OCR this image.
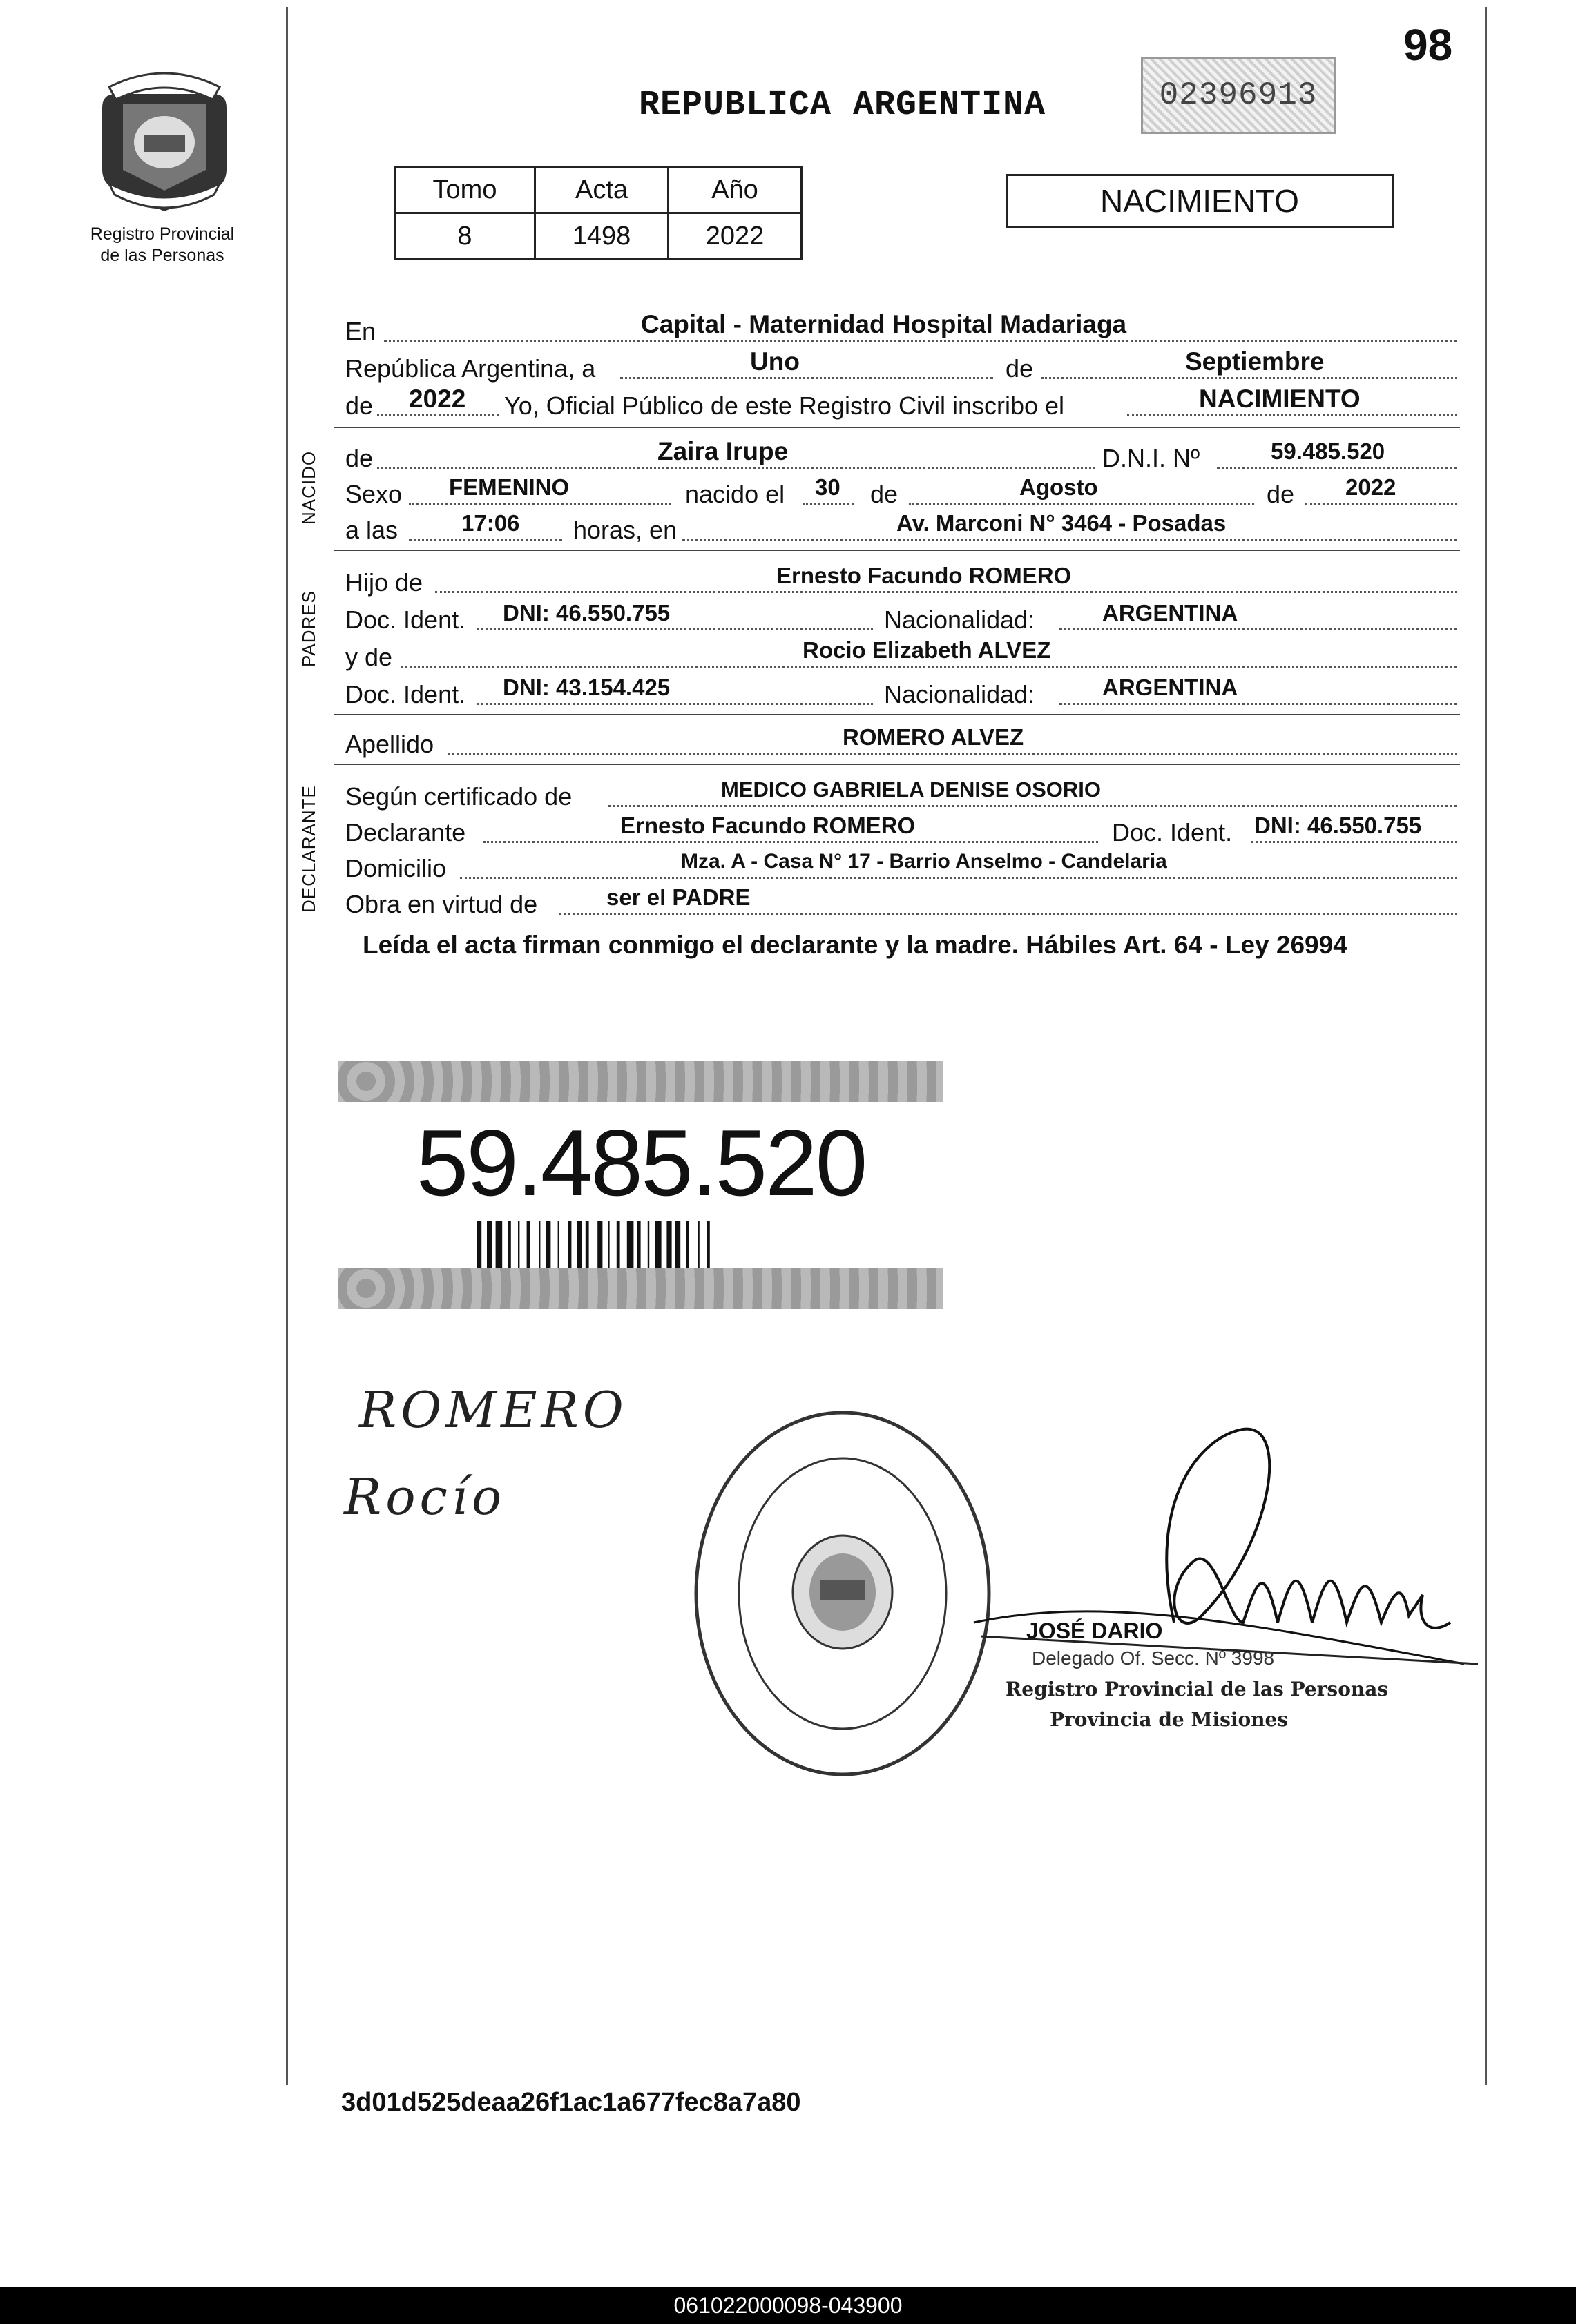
98
Registro Provincial
de las Personas
REPUBLICA ARGENTINA	02396913
Tomo	Acta	Año
8	1498	2022
NACIMIENTO
En	Capital - Maternidad Hospital Madariaga
República Argentina, a	Uno	de	Septiembre
de 2022 Yo, Oficial Público de este Registro Civil inscribo el	NACIMIENTO
NACIDO de	Zaira Irupe	D.N.I. Nº	59.485.520
Sexo FEMENINO	nacido el 30 de	Agosto	de 2022
a las	17:06 horas, en	Av. Marconi N° 3464 - Posadas
PADRES
Hijo de	Ernesto Facundo ROMERO
Doc. Ident. DNI: 46.550.755	Nacionalidad:	ARGENTINA
y de	Rocio Elizabeth ALVEZ
Doc. Ident. DNI: 43.154.425	Nacionalidad:	ARGENTINA
Apellido	ROMERO ALVEZ
DECLARANTE Según certificado de	MEDICO GABRIELA DENISE OSORIO
Declarante	Ernesto Facundo ROMERO	Doc. Ident. DNI: 46.550.755
Domicilio	Mza. A - Casa N° 17 - Barrio Anselmo - Candelaria
Obra en virtud de	ser el PADRE
Leída el acta firman conmigo el declarante y la madre. Hábiles Art. 64 - Ley 26994
59.485.520
ROMERO
Rocío
JOSÉ DARIO
Delegado Of. Secc. Nº 3998
Registro Provincial de las Personas
Provincia de Misiones
3d01d525deaa26f1ac1a677fec8a7a80
061022000098-043900
